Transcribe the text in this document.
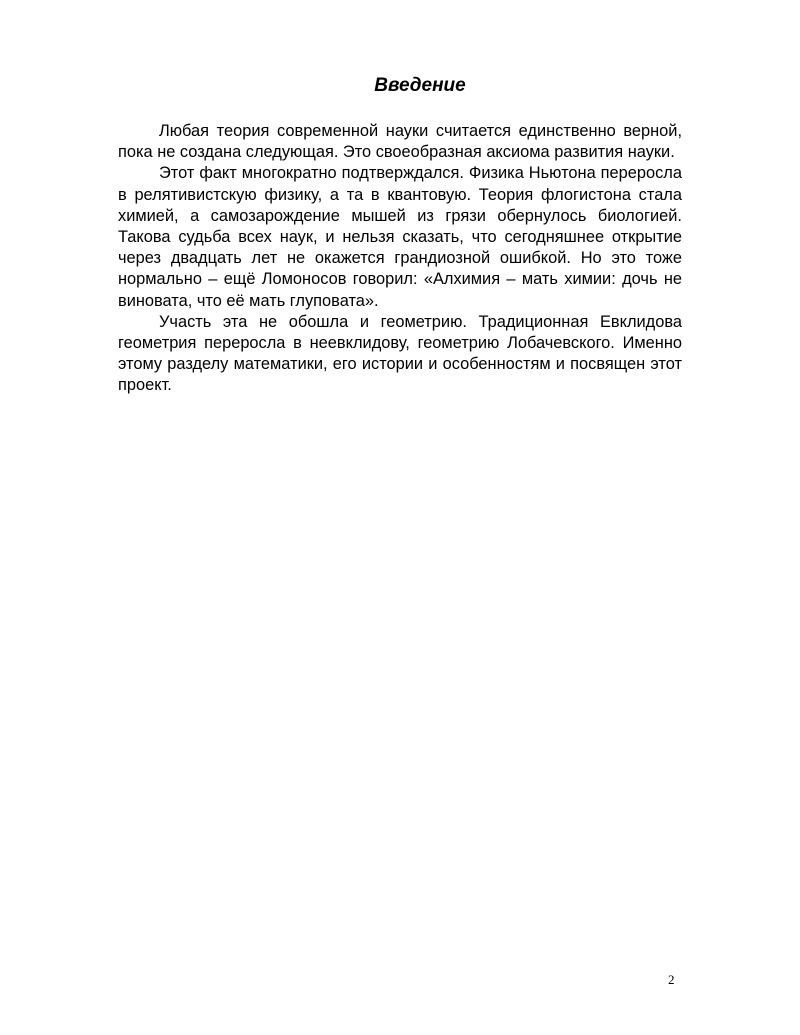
Введение

Любая теория современной науки считается единственно верной, пока не создана следующая. Это своеобразная аксиома развития науки.

Этот факт многократно подтверждался. Физика Ньютона переросла в релятивистскую физику, а та в квантовую. Теория флогистона стала химией, а самозарождение мышей из грязи обернулось биологией. Такова судьба всех наук, и нельзя сказать, что сегодняшнее открытие через двадцать лет не окажется грандиозной ошибкой. Но это тоже нормально – ещё Ломоносов говорил: «Алхимия – мать химии: дочь не виновата, что её мать глуповата».

Участь эта не обошла и геометрию. Традиционная Евклидова геометрия переросла в неевклидову, геометрию Лобачевского. Именно этому разделу математики, его истории и особенностям и посвящен этот проект.

2
